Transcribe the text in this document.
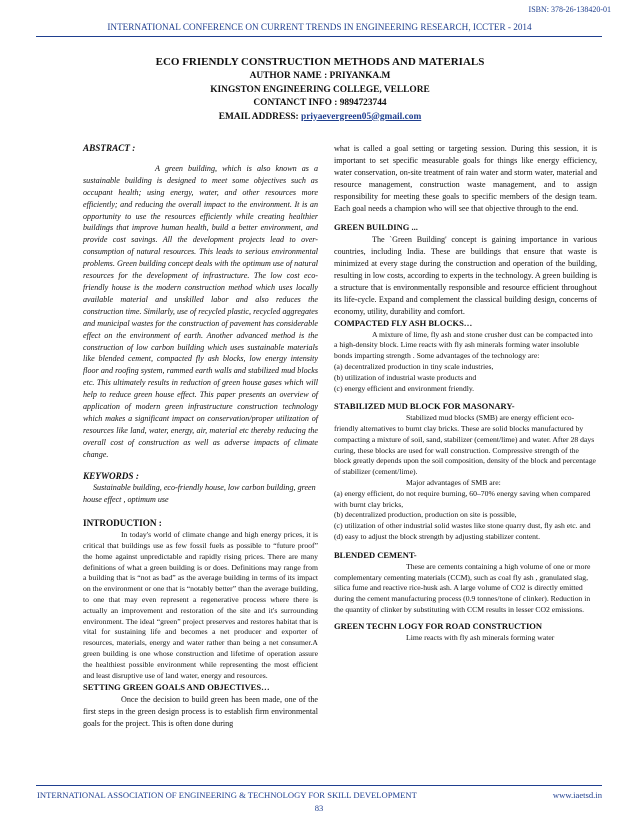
ISBN: 378-26-138420-01
INTERNATIONAL CONFERENCE ON CURRENT TRENDS IN ENGINEERING RESEARCH, ICCTER - 2014
ECO FRIENDLY CONSTRUCTION METHODS AND MATERIALS
AUTHOR NAME : PRIYANKA.M
KINGSTON ENGINEERING COLLEGE, VELLORE
CONTANCT INFO : 9894723744
EMAIL ADDRESS: priyaevergreen05@gmail.com

ABSTRACT :

A green building, which is also known as a sustainable building is designed to meet some objectives such as occupant health; using energy, water, and other resources more efficiently; and reducing the overall impact to the environment. It is an opportunity to use the resources efficiently while creating healthier buildings that improve human health, build a better environment, and provide cost savings. All the development projects lead to over-consumption of natural resources. This leads to serious environmental problems. Green building concept deals with the optimum use of natural resources for the development of infrastructure. The low cost eco-friendly house is the modern construction method which uses locally available material and unskilled labor and also reduces the construction time. Similarly, use of recycled plastic, recycled aggregates and municipal wastes for the construction of pavement has considerable effect on the environment of earth. Another advanced method is the construction of low carbon building which uses sustainable materials like blended cement, compacted fly ash blocks, low energy intensity floor and roofing system, rammed earth walls and stabilized mud blocks etc. This ultimately results in reduction of green house gases which will help to reduce green house effect. This paper presents an overview of application of modern green infrastructure construction technology which makes a significant impact on conservation/proper utilization of resources like land, water, energy, air, material etc thereby reducing the overall cost of construction as well as adverse impacts of climate change.

KEYWORDS :

Sustainable building, eco-friendly house, low carbon building, green house effect , optimum use

INTRODUCTION :

In today's world of climate change and high energy prices, it is critical that buildings use as few fossil fuels as possible to “future proof” the home against unpredictable and rapidly rising prices. There are many definitions of what a green building is or does. Definitions may range from a building that is “not as bad” as the average building in terms of its impact on the environment or one that is “notably better” than the average building, to one that may even represent a regenerative process where there is actually an improvement and restoration of the site and it's surrounding environment. The ideal “green” project preserves and restores habitat that is vital for sustaining life and becomes a net producer and exporter of resources, materials, energy and water rather than being a net consumer.A green building is one whose construction and lifetime of operation assure the healthiest possible environment while representing the most efficient and least disruptive use of land water, energy and resources.

SETTING GREEN GOALS AND OBJECTIVES…

Once the decision to build green has been made, one of the first steps in the green design process is to establish firm environmental goals for the project. This is often done during

what is called a goal setting or targeting session. During this session, it is important to set specific measurable goals for things like energy efficiency, water conservation, on-site treatment of rain water and storm water, material and resource management, construction waste management, and to assign responsibility for meeting these goals to specific members of the design team. Each goal needs a champion who will see that objective through to the end.

GREEN BUILDING ...

The `Green Building' concept is gaining importance in various countries, including India. These are buildings that ensure that waste is minimized at every stage during the construction and operation of the building, resulting in low costs, according to experts in the technology. A green building is a structure that is environmentally responsible and resource efficient throughout its life-cycle. Expand and complement the classical building design, concerns of economy, utility, durability and comfort.

COMPACTED FLY ASH BLOCKS…

A mixture of lime, fly ash and stone crusher dust can be compacted into a high-density block. Lime reacts with fly ash minerals forming water insoluble bonds imparting strength . Some advantages of the technology are:

(a) decentralized production in tiny scale industries,

(b) utilization of industrial waste products and

(c) energy efficient and environment friendly.

STABILIZED MUD BLOCK FOR MASONARY-

Stabilized mud blocks (SMB) are energy efficient eco-friendly alternatives to burnt clay bricks. These are solid blocks manufactured by compacting a mixture of soil, sand, stabilizer (cement/lime) and water. After 28 days curing, these blocks are used for wall construction. Compressive strength of the block greatly depends upon the soil composition, density of the block and percentage of stabilizer (cement/lime).

Major advantages of SMB are:

(a) energy efficient, do not require burning, 60–70% energy saving when compared with burnt clay bricks,

(b) decentralized production, production on site is possible,

(c) utilization of other industrial solid wastes like stone quarry dust, fly ash etc. and

(d) easy to adjust the block strength by adjusting stabilizer content.

BLENDED CEMENT-

These are cements containing a high volume of one or more complementary cementing materials (CCM), such as coal fly ash , granulated slag, silica fume and reactive rice-husk ash. A large volume of CO2 is directly emitted during the cement manufacturing process (0.9 tonnes/tone of clinker). Reduction in the quantity of clinker by substituting with CCM results in lesser CO2 emissions.

GREEN TECHN LOGY FOR ROAD CONSTRUCTION

Lime reacts with fly ash minerals forming water

INTERNATIONAL ASSOCIATION OF ENGINEERING & TECHNOLOGY FOR SKILL DEVELOPMENT	www.iaetsd.in
83
